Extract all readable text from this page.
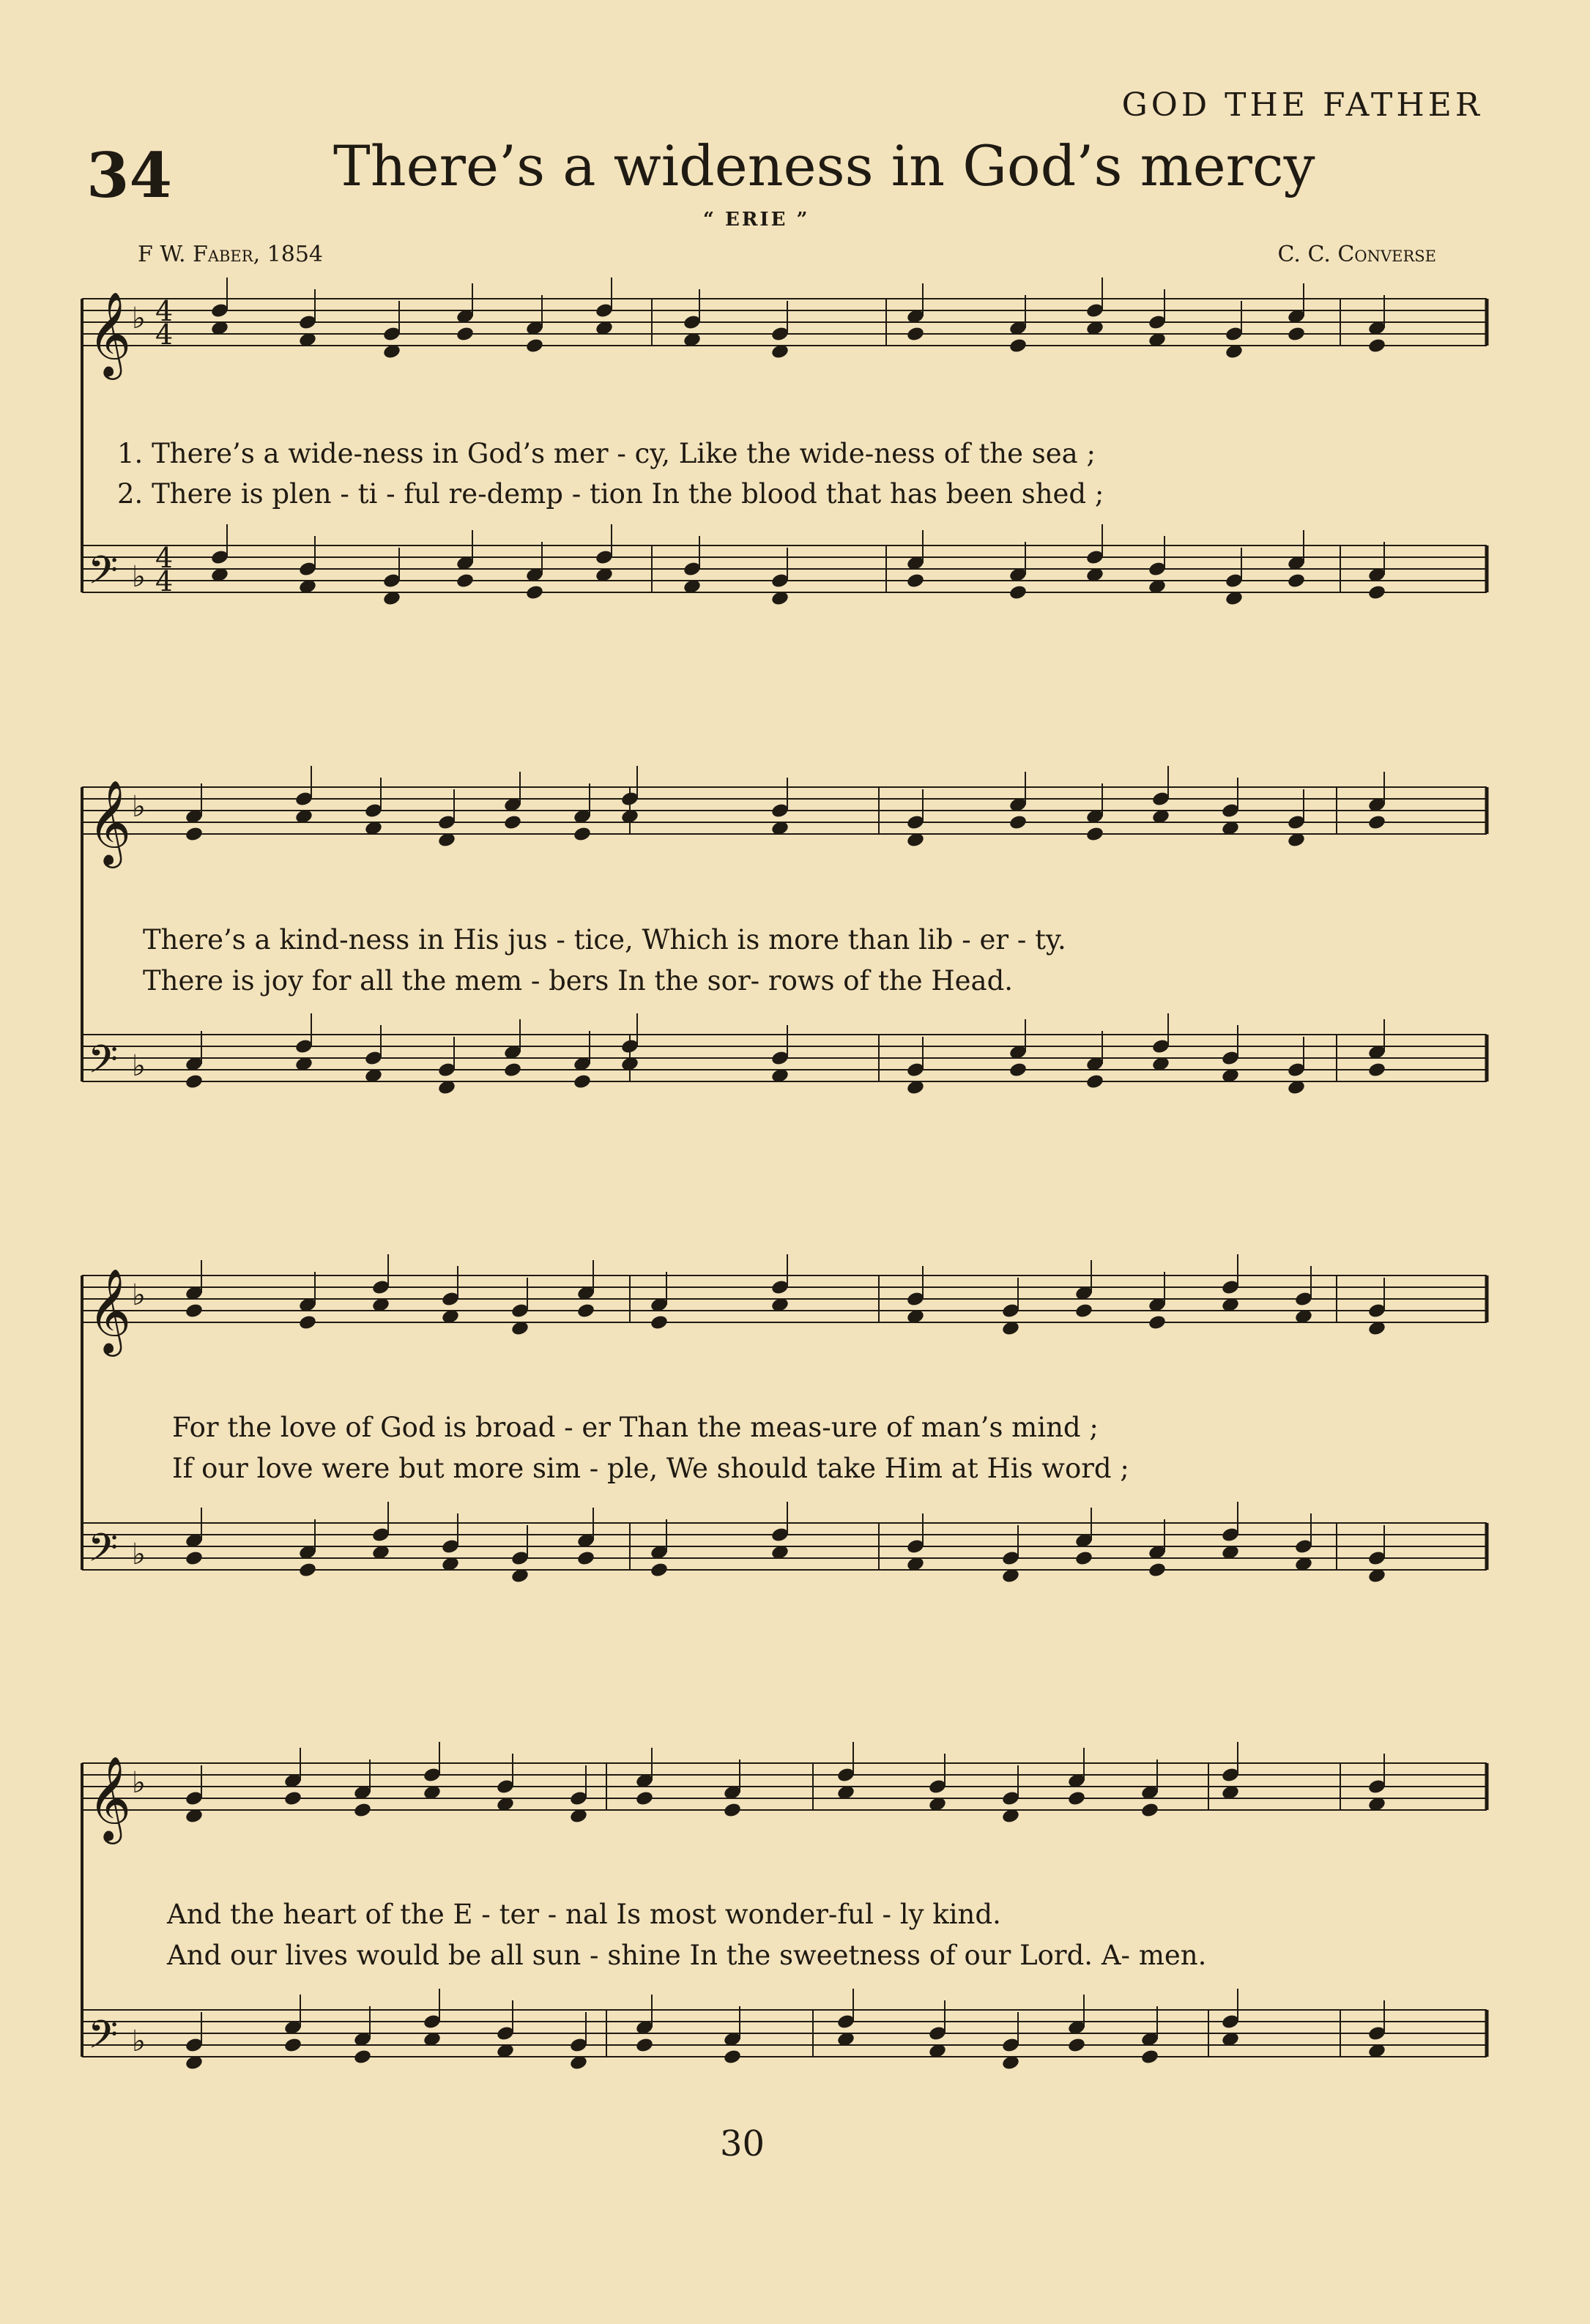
GOD THE FATHER
34	There’s a wideness in God’s mercy
“ ERIE ”
F W. Faber, 1854	C. C. Converse
𝄞 ♭ 4
4
𝄢 ♭
4
4
𝄞 ♭
𝄢 ♭
𝄞 ♭
𝄢 ♭
𝄞 ♭
𝄢 ♭
1. There’s a wide-ness in God’s mer - cy, Like the wide-ness of the sea ;
2. There is plen - ti - ful re-demp - tion In the blood that has been shed ;
There’s a kind-ness in His jus - tice, Which is more than lib - er - ty.
There is joy for all the mem - bers In the sor- rows of the Head.
For the love of God is broad - er Than the meas-ure of man’s mind ;
If our love were but more sim - ple, We should take Him at His word ;
And the heart of the E - ter - nal Is most wonder-ful - ly kind.
And our lives would be all sun - shine In the sweetness of our Lord. A- men.
30
